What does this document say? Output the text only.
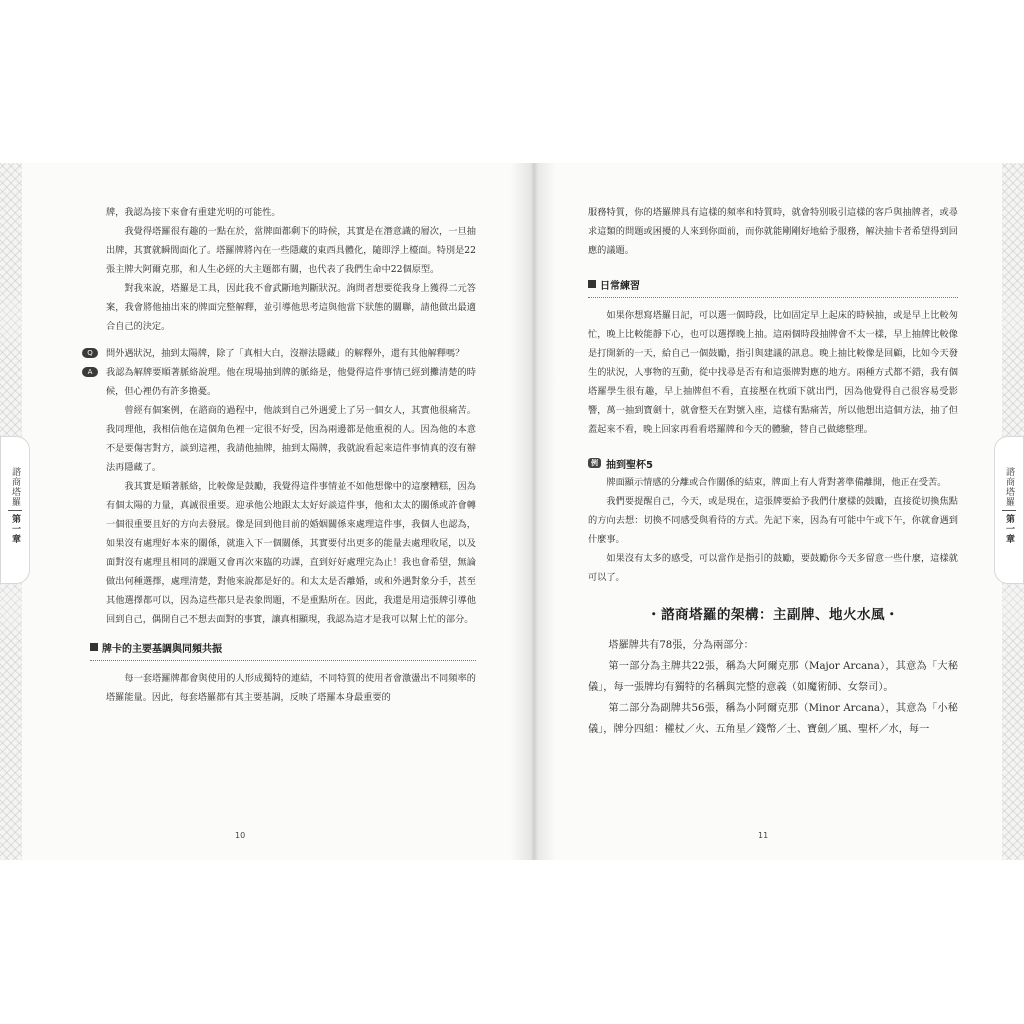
牌，我認為接下來會有重建光明的可能性。

我覺得塔羅很有趣的一點在於，當牌面都剩下的時候，其實是在潛意識的層次，一旦抽出牌，其實就瞬間面化了。塔羅牌將內在一些隱藏的東西具體化，隨即浮上檯面。特別是22張主牌大阿爾克那，和人生必經的大主題都有關，也代表了我們生命中22個原型。

對我來說，塔羅是工具，因此我不會武斷地判斷狀況。詢問者想要從我身上獲得二元答案，我會將他抽出來的牌面完整解釋，並引導他思考這與他當下狀態的關聯，請他做出最適合自己的決定。

Q	問外遇狀況，抽到太陽牌，除了「真相大白，沒辦法隱藏」的解釋外，還有其他解釋嗎？

A	我認為解牌要順著脈絡說理。他在現場抽到牌的脈絡是，他覺得這件事情已經到攤清楚的時候，但心裡仍有許多擔憂。

曾經有個案例，在諮商的過程中，他談到自己外遇愛上了另一個女人，其實他很痛苦。我同理他，我相信他在這個角色裡一定很不好受，因為兩邊都是他重視的人。因為他的本意不是要傷害對方，談到這裡，我請他抽牌，抽到太陽牌，我就說看起來這件事情真的沒有辦法再隱藏了。

我其實是順著脈絡，比較像是鼓勵，我覺得這件事情並不如他想像中的這麼糟糕，因為有個太陽的力量，真誠很重要。迎承他公地跟太太好好談這件事，他和太太的關係或許會轉一個很重要且好的方向去發展。像是回到他目前的婚姻關係來處理這件事，我個人也認為，如果沒有處理好本來的關係，就進入下一個關係，其實要付出更多的能量去處理收尾，以及面對沒有處理且相同的課題又會再次來臨的功課，直到好好處理完為止！我也會希望，無論做出何種選擇，處理清楚，對他來說都是好的。和太太是否離婚，或和外遇對象分手，甚至其他選擇都可以，因為這些都只是表象問題，不是重點所在。因此，我還是用這張牌引導他回到自己，偶開自己不想去面對的事實，讓真相顯現，我認為這才是我可以幫上忙的部分。

牌卡的主要基調與同頻共振

每一套塔羅牌都會與使用的人形成獨特的連結，不同特質的使用者會激盪出不同頻率的塔羅能量。因此，每套塔羅都有其主要基調，反映了塔羅本身最重要的

10

服務特質，你的塔羅牌具有這樣的頻率和特質時，就會特別吸引這樣的客戶與抽牌者，或尋求這類的問題或困擾的人來到你面前，而你就能剛剛好地給予服務，解決抽卡者希望得到回應的議題。

日常練習

如果你想寫塔羅日記，可以選一個時段，比如固定早上起床的時候抽，或是早上比較匆忙，晚上比較能靜下心，也可以選擇晚上抽。這兩個時段抽牌會不太一樣，早上抽牌比較像是打開新的一天，給自己一個鼓勵，指引與建議的訊息。晚上抽比較像是回顧，比如今天發生的狀況，人事物的互動，從中找尋是否有和這張牌對應的地方。兩種方式都不錯，我有個塔羅學生很有趣，早上抽牌但不看，直接壓在枕頭下就出門，因為他覺得自己很容易受影響，萬一抽到寶劍十，就會整天在對號入座，這樣有點痛苦，所以他想出這個方法，抽了但蓋起來不看，晚上回家再看看塔羅牌和今天的體驗，替自己做總整理。

例 抽到聖杯5

牌面顯示情感的分離或合作關係的結束，牌面上有人背對著準備離開，他正在受苦。

我們要提醒自己，今天，或是現在，這張牌要給予我們什麼樣的鼓勵，直接從切換焦點的方向去想：切換不同感受與看待的方式。先記下來，因為有可能中午或下午，你就會遇到什麼事。

如果沒有太多的感受，可以當作是指引的鼓勵，要鼓勵你今天多留意一些什麼，這樣就可以了。

・諮商塔羅的架構：主副牌、地火水風・

塔羅牌共有78張，分為兩部分：

第一部分為主牌共22張，稱為大阿爾克那（Major Arcana），其意為「大秘儀」，每一張牌均有獨特的名稱與完整的意義（如魔術師、女祭司）。

第二部分為副牌共56張，稱為小阿爾克那（Minor Arcana），其意為「小秘儀」，牌分四組：權杖／火、五角星／錢幣／土、寶劍／風、聖杯／水，每一

11
諮商塔羅
第一章
諮商塔羅
第一章
